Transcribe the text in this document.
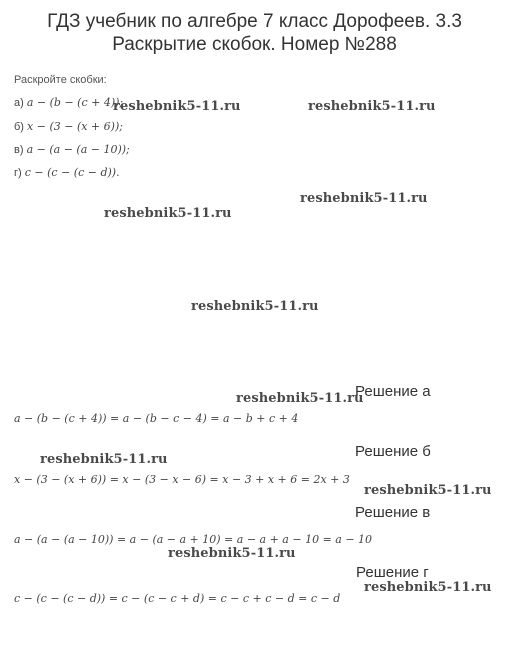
ГДЗ учебник по алгебре 7 класс Дорофеев. 3.3 Раскрытие скобок. Номер №288
Раскройте скобки:
а) a − (b − (c + 4));
б) x − (3 − (x + 6));
в) a − (a − (a − 10));
г) c − (c − (c − d)).
reshebnik5-11.ru	reshebnik5-11.ru
reshebnik5-11.ru
reshebnik5-11.ru
reshebnik5-11.ru
reshebnik5-11.ru
reshebnik5-11.ru
reshebnik5-11.ru
reshebnik5-11.ru
reshebnik5-11.ru
Решение а
a − (b − (c + 4)) = a − (b − c − 4) = a − b + c + 4
Решение б
x − (3 − (x + 6)) = x − (3 − x − 6) = x − 3 + x + 6 = 2x + 3
Решение в
a − (a − (a − 10)) = a − (a − a + 10) = a − a + a − 10 = a − 10
Решение г
c − (c − (c − d)) = c − (c − c + d) = c − c + c − d = c − d
